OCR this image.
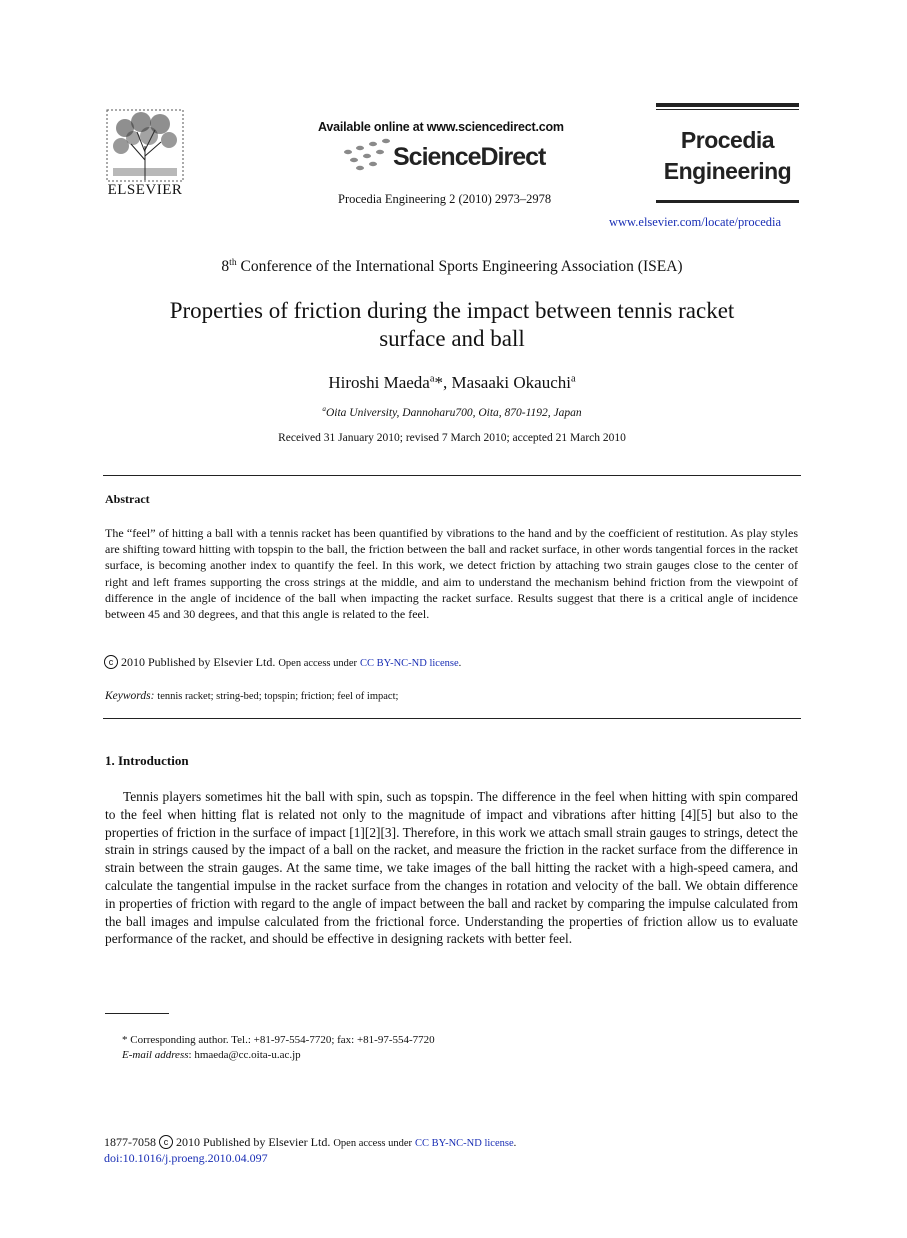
ELSEVIER
Available online at www.sciencedirect.com
ScienceDirect
Procedia Engineering 2 (2010) 2973–2978
Procedia
Engineering
www.elsevier.com/locate/procedia
8th Conference of the International Sports Engineering Association (ISEA)
Properties of friction during the impact between tennis racket
surface and ball
Hiroshi Maeda$^a$*, Masaaki Okauchi$^a$
$^a$Oita University, Dannoharu700, Oita, 870-1192, Japan
Received 31 January 2010; revised 7 March 2010; accepted 21 March 2010
Abstract
The “feel” of hitting a ball with a tennis racket has been quantified by vibrations to the hand and by the coefficient of restitution. As play styles are shifting toward hitting with topspin to the ball, the friction between the ball and racket surface, in other words tangential forces in the racket surface, is becoming another index to quantify the feel. In this work, we detect friction by attaching two strain gauges close to the center of right and left frames supporting the cross strings at the middle, and aim to understand the mechanism behind friction from the viewpoint of difference in the angle of incidence of the ball when impacting the racket surface. Results suggest that there is a critical angle of incidence between 45 and 30 degrees, and that this angle is related to the feel.
c 2010 Published by Elsevier Ltd. Open access under CC BY-NC-ND license.
Keywords: tennis racket; string-bed; topspin; friction; feel of impact;
1. Introduction
Tennis players sometimes hit the ball with spin, such as topspin. The difference in the feel when hitting with spin compared to the feel when hitting flat is related not only to the magnitude of impact and vibrations after hitting [4][5] but also to the properties of friction in the surface of impact [1][2][3]. Therefore, in this work we attach small strain gauges to strings, detect the strain in strings caused by the impact of a ball on the racket, and measure the friction in the racket surface from the difference in strain between the strain gauges. At the same time, we take images of the ball hitting the racket with a high-speed camera, and calculate the tangential impulse in the racket surface from the changes in rotation and velocity of the ball. We obtain difference in properties of friction with regard to the angle of impact between the ball and racket by comparing the impulse calculated from the ball images and impulse calculated from the frictional force. Understanding the properties of friction allow us to evaluate performance of the racket, and should be effective in designing rackets with better feel.
* Corresponding author. Tel.: +81-97-554-7720; fax: +81-97-554-7720
E-mail address: hmaeda@cc.oita-u.ac.jp
1877-7058 c 2010 Published by Elsevier Ltd. Open access under CC BY-NC-ND license.
doi:10.1016/j.proeng.2010.04.097
